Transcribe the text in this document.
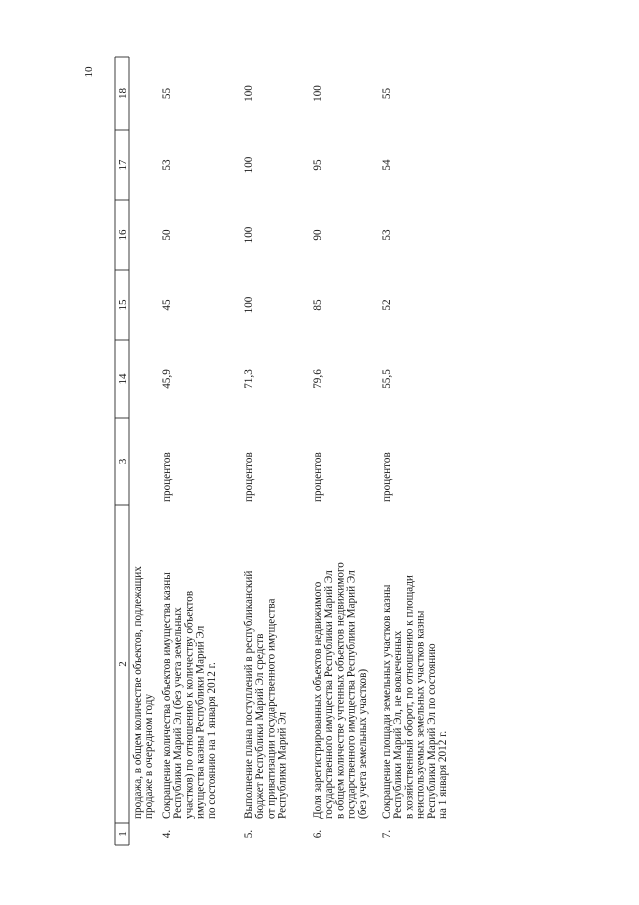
10
1
2
3
14
15
16
17
18
продажа, в общем количестве объектов, подлежащих продаже в очередном году
4.
Сокращение количества объектов имущества казны Республики Марий Эл (без учета земельных участков) по отношению к количеству объектов имущества казны Республики Марий Эл по состоянию на 1 января 2012 г.
процентов
45,9
45
50
53
55
5.
Выполнение плана поступлений в республиканский бюджет Республики Марий Эл средств от приватизации государственного имущества Республики Марий Эл
процентов
71,3
100
100
100
100
6.
Доля зарегистрированных объектов недвижимого государственного имущества Республики Марий Эл в общем количестве учтенных объектов недвижимого государственного имущества Республики Марий Эл (без учета земельных участков)
процентов
79,6
85
90
95
100
7.
Сокращение площади земельных участков казны Республики Марий Эл, не вовлеченных в хозяйственный оборот, по отношению к площади неиспользуемых земельных участков казны Республики Марий Эл по состоянию на 1 января 2012 г.
процентов
55,5
52
53
54
55
